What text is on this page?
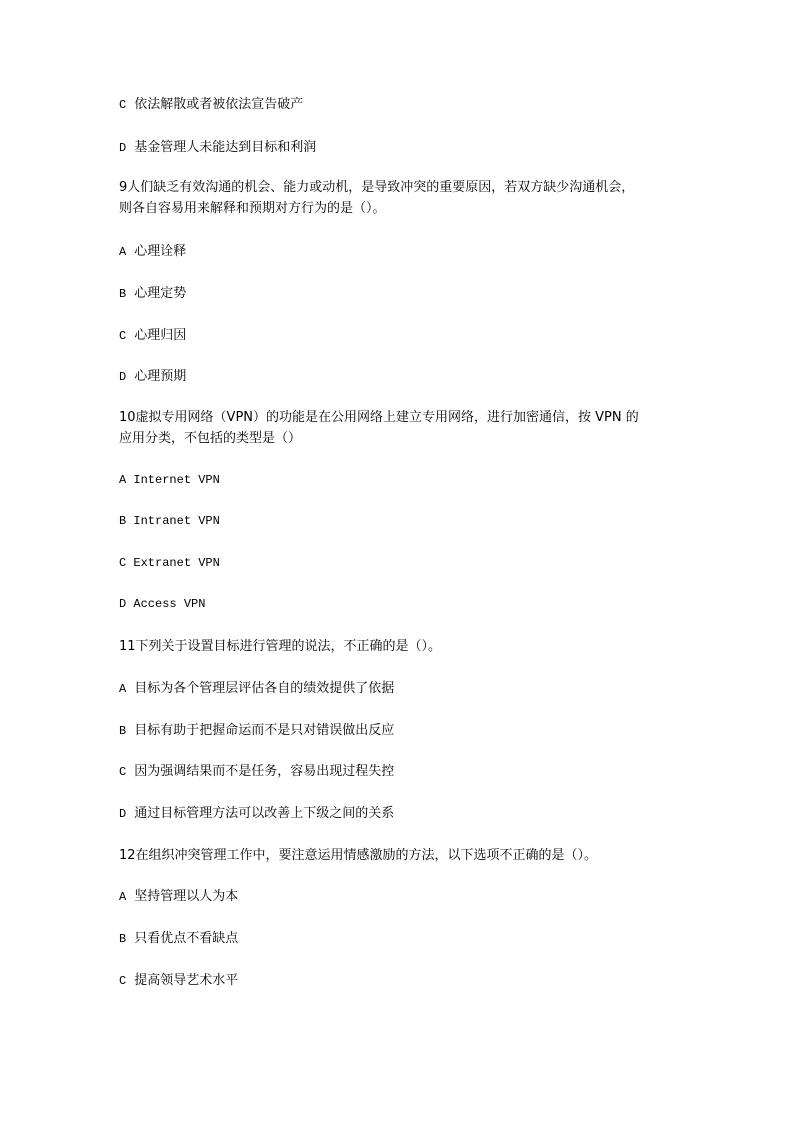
C 依法解散或者被依法宣告破产
D 基金管理人未能达到目标和利润
9人们缺乏有效沟通的机会、能力或动机，是导致冲突的重要原因，若双方缺少沟通机会，
则各自容易用来解释和预期对方行为的是（）。
A 心理诠释
B 心理定势
C 心理归因
D 心理预期
10虚拟专用网络（VPN）的功能是在公用网络上建立专用网络，进行加密通信，按 VPN 的
应用分类，不包括的类型是（）
A Internet VPN
B Intranet VPN
C Extranet VPN
D Access VPN
11下列关于设置目标进行管理的说法，不正确的是（）。
A 目标为各个管理层评估各自的绩效提供了依据
B 目标有助于把握命运而不是只对错误做出反应
C 因为强调结果而不是任务，容易出现过程失控
D 通过目标管理方法可以改善上下级之间的关系
12在组织冲突管理工作中，要注意运用情感激励的方法，以下选项不正确的是（）。
A 坚持管理以人为本
B 只看优点不看缺点
C 提高领导艺术水平
